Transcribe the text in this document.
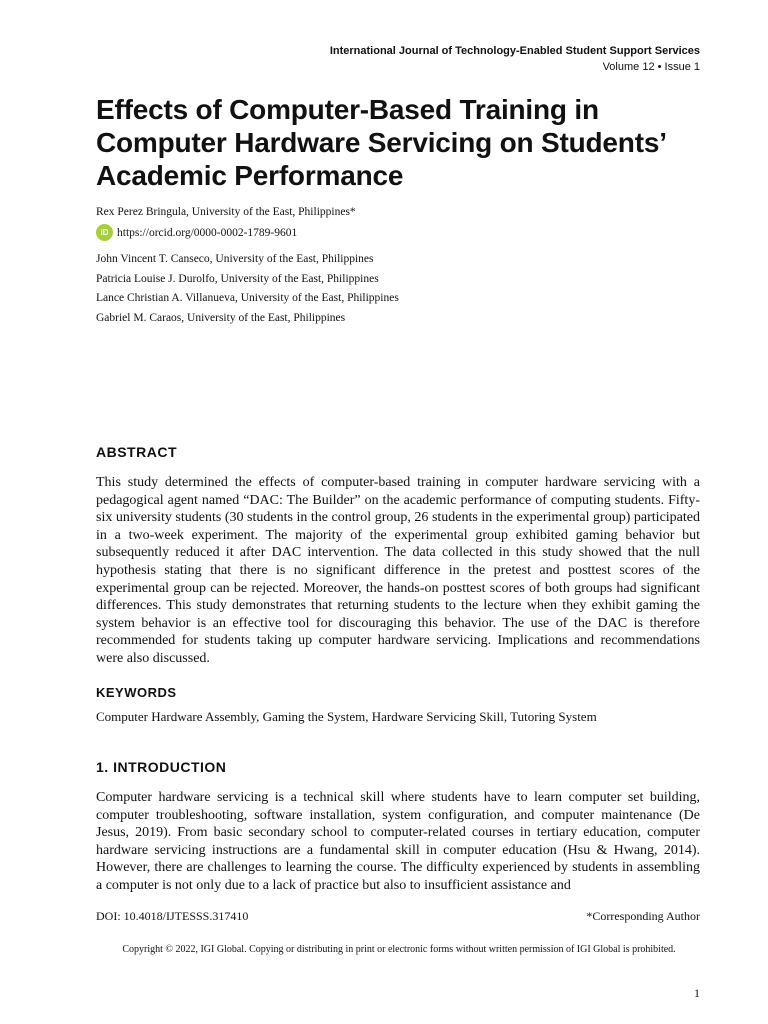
International Journal of Technology-Enabled Student Support Services
Volume 12 • Issue 1
Effects of Computer-Based Training in Computer Hardware Servicing on Students’ Academic Performance
Rex Perez Bringula, University of the East, Philippines*
iD https://orcid.org/0000-0002-1789-9601
John Vincent T. Canseco, University of the East, Philippines
Patricia Louise J. Durolfo, University of the East, Philippines
Lance Christian A. Villanueva, University of the East, Philippines
Gabriel M. Caraos, University of the East, Philippines
ABSTRACT

This study determined the effects of computer-based training in computer hardware servicing with a pedagogical agent named “DAC: The Builder” on the academic performance of computing students. Fifty-six university students (30 students in the control group, 26 students in the experimental group) participated in a two-week experiment. The majority of the experimental group exhibited gaming behavior but subsequently reduced it after DAC intervention. The data collected in this study showed that the null hypothesis stating that there is no significant difference in the pretest and posttest scores of the experimental group can be rejected. Moreover, the hands-on posttest scores of both groups had significant differences. This study demonstrates that returning students to the lecture when they exhibit gaming the system behavior is an effective tool for discouraging this behavior. The use of the DAC is therefore recommended for students taking up computer hardware servicing. Implications and recommendations were also discussed.

KEYWORDS
Computer Hardware Assembly, Gaming the System, Hardware Servicing Skill, Tutoring System
1. INTRODUCTION

Computer hardware servicing is a technical skill where students have to learn computer set building, computer troubleshooting, software installation, system configuration, and computer maintenance (De Jesus, 2019). From basic secondary school to computer-related courses in tertiary education, computer hardware servicing instructions are a fundamental skill in computer education (Hsu & Hwang, 2014). However, there are challenges to learning the course. The difficulty experienced by students in assembling a computer is not only due to a lack of practice but also to insufficient assistance and

DOI: 10.4018/IJTESSS.317410	*Corresponding Author
Copyright © 2022, IGI Global. Copying or distributing in print or electronic forms without written permission of IGI Global is prohibited.
1
